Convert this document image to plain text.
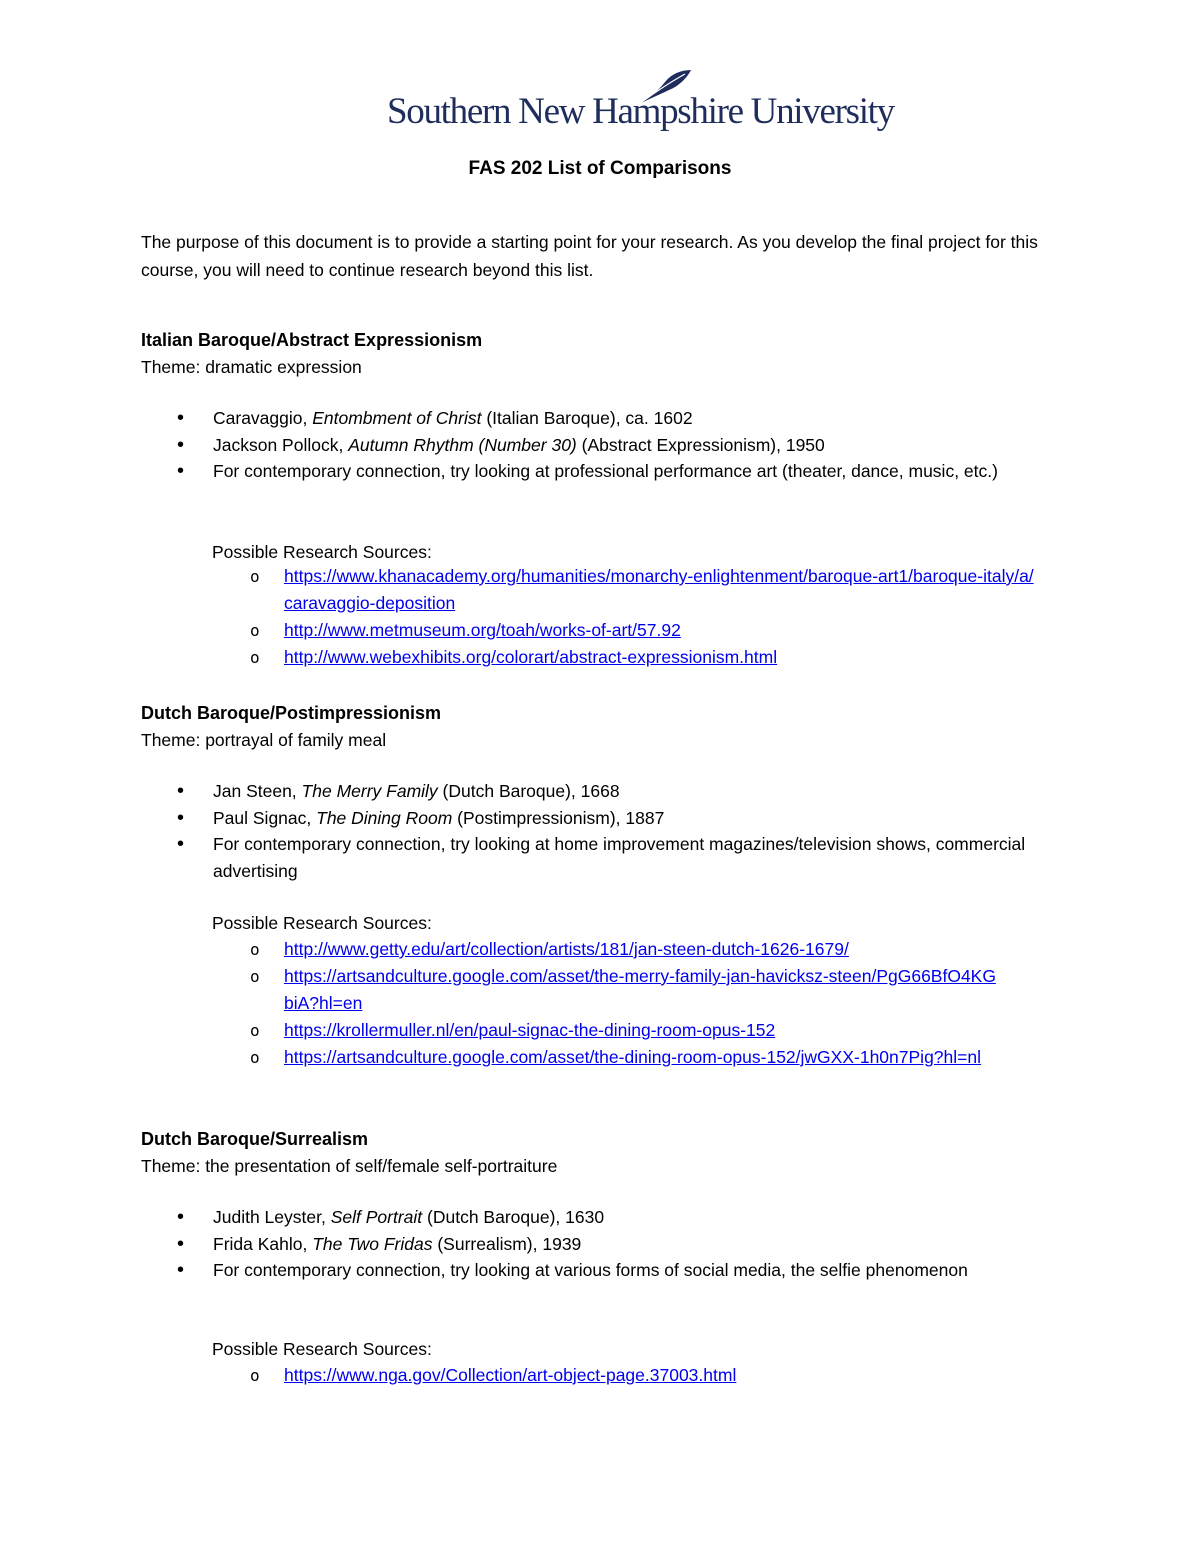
Southern New Hampshire University
FAS 202 List of Comparisons
The purpose of this document is to provide a starting point for your research. As you develop the final project for this course, you will need to continue research beyond this list.
Italian Baroque/Abstract Expressionism
Theme: dramatic expression
• Caravaggio, Entombment of Christ (Italian Baroque), ca. 1602
• Jackson Pollock, Autumn Rhythm (Number 30) (Abstract Expressionism), 1950
• For contemporary connection, try looking at professional performance art (theater, dance, music, etc.)
Possible Research Sources:
o https://www.khanacademy.org/humanities/monarchy-enlightenment/baroque-art1/baroque-italy/a/caravaggio-deposition
o http://www.metmuseum.org/toah/works-of-art/57.92
o http://www.webexhibits.org/colorart/abstract-expressionism.html
Dutch Baroque/Postimpressionism
Theme: portrayal of family meal
• Jan Steen, The Merry Family (Dutch Baroque), 1668
• Paul Signac, The Dining Room (Postimpressionism), 1887
• For contemporary connection, try looking at home improvement magazines/television shows, commercial advertising
Possible Research Sources:
o http://www.getty.edu/art/collection/artists/181/jan-steen-dutch-1626-1679/
o https://artsandculture.google.com/asset/the-merry-family-jan-havicksz-steen/PgG66BfO4KGbiA?hl=en
o https://krollermuller.nl/en/paul-signac-the-dining-room-opus-152
o https://artsandculture.google.com/asset/the-dining-room-opus-152/jwGXX-1h0n7Pig?hl=nl
Dutch Baroque/Surrealism
Theme: the presentation of self/female self-portraiture
• Judith Leyster, Self Portrait (Dutch Baroque), 1630
• Frida Kahlo, The Two Fridas (Surrealism), 1939
• For contemporary connection, try looking at various forms of social media, the selfie phenomenon
Possible Research Sources:
o https://www.nga.gov/Collection/art-object-page.37003.html
